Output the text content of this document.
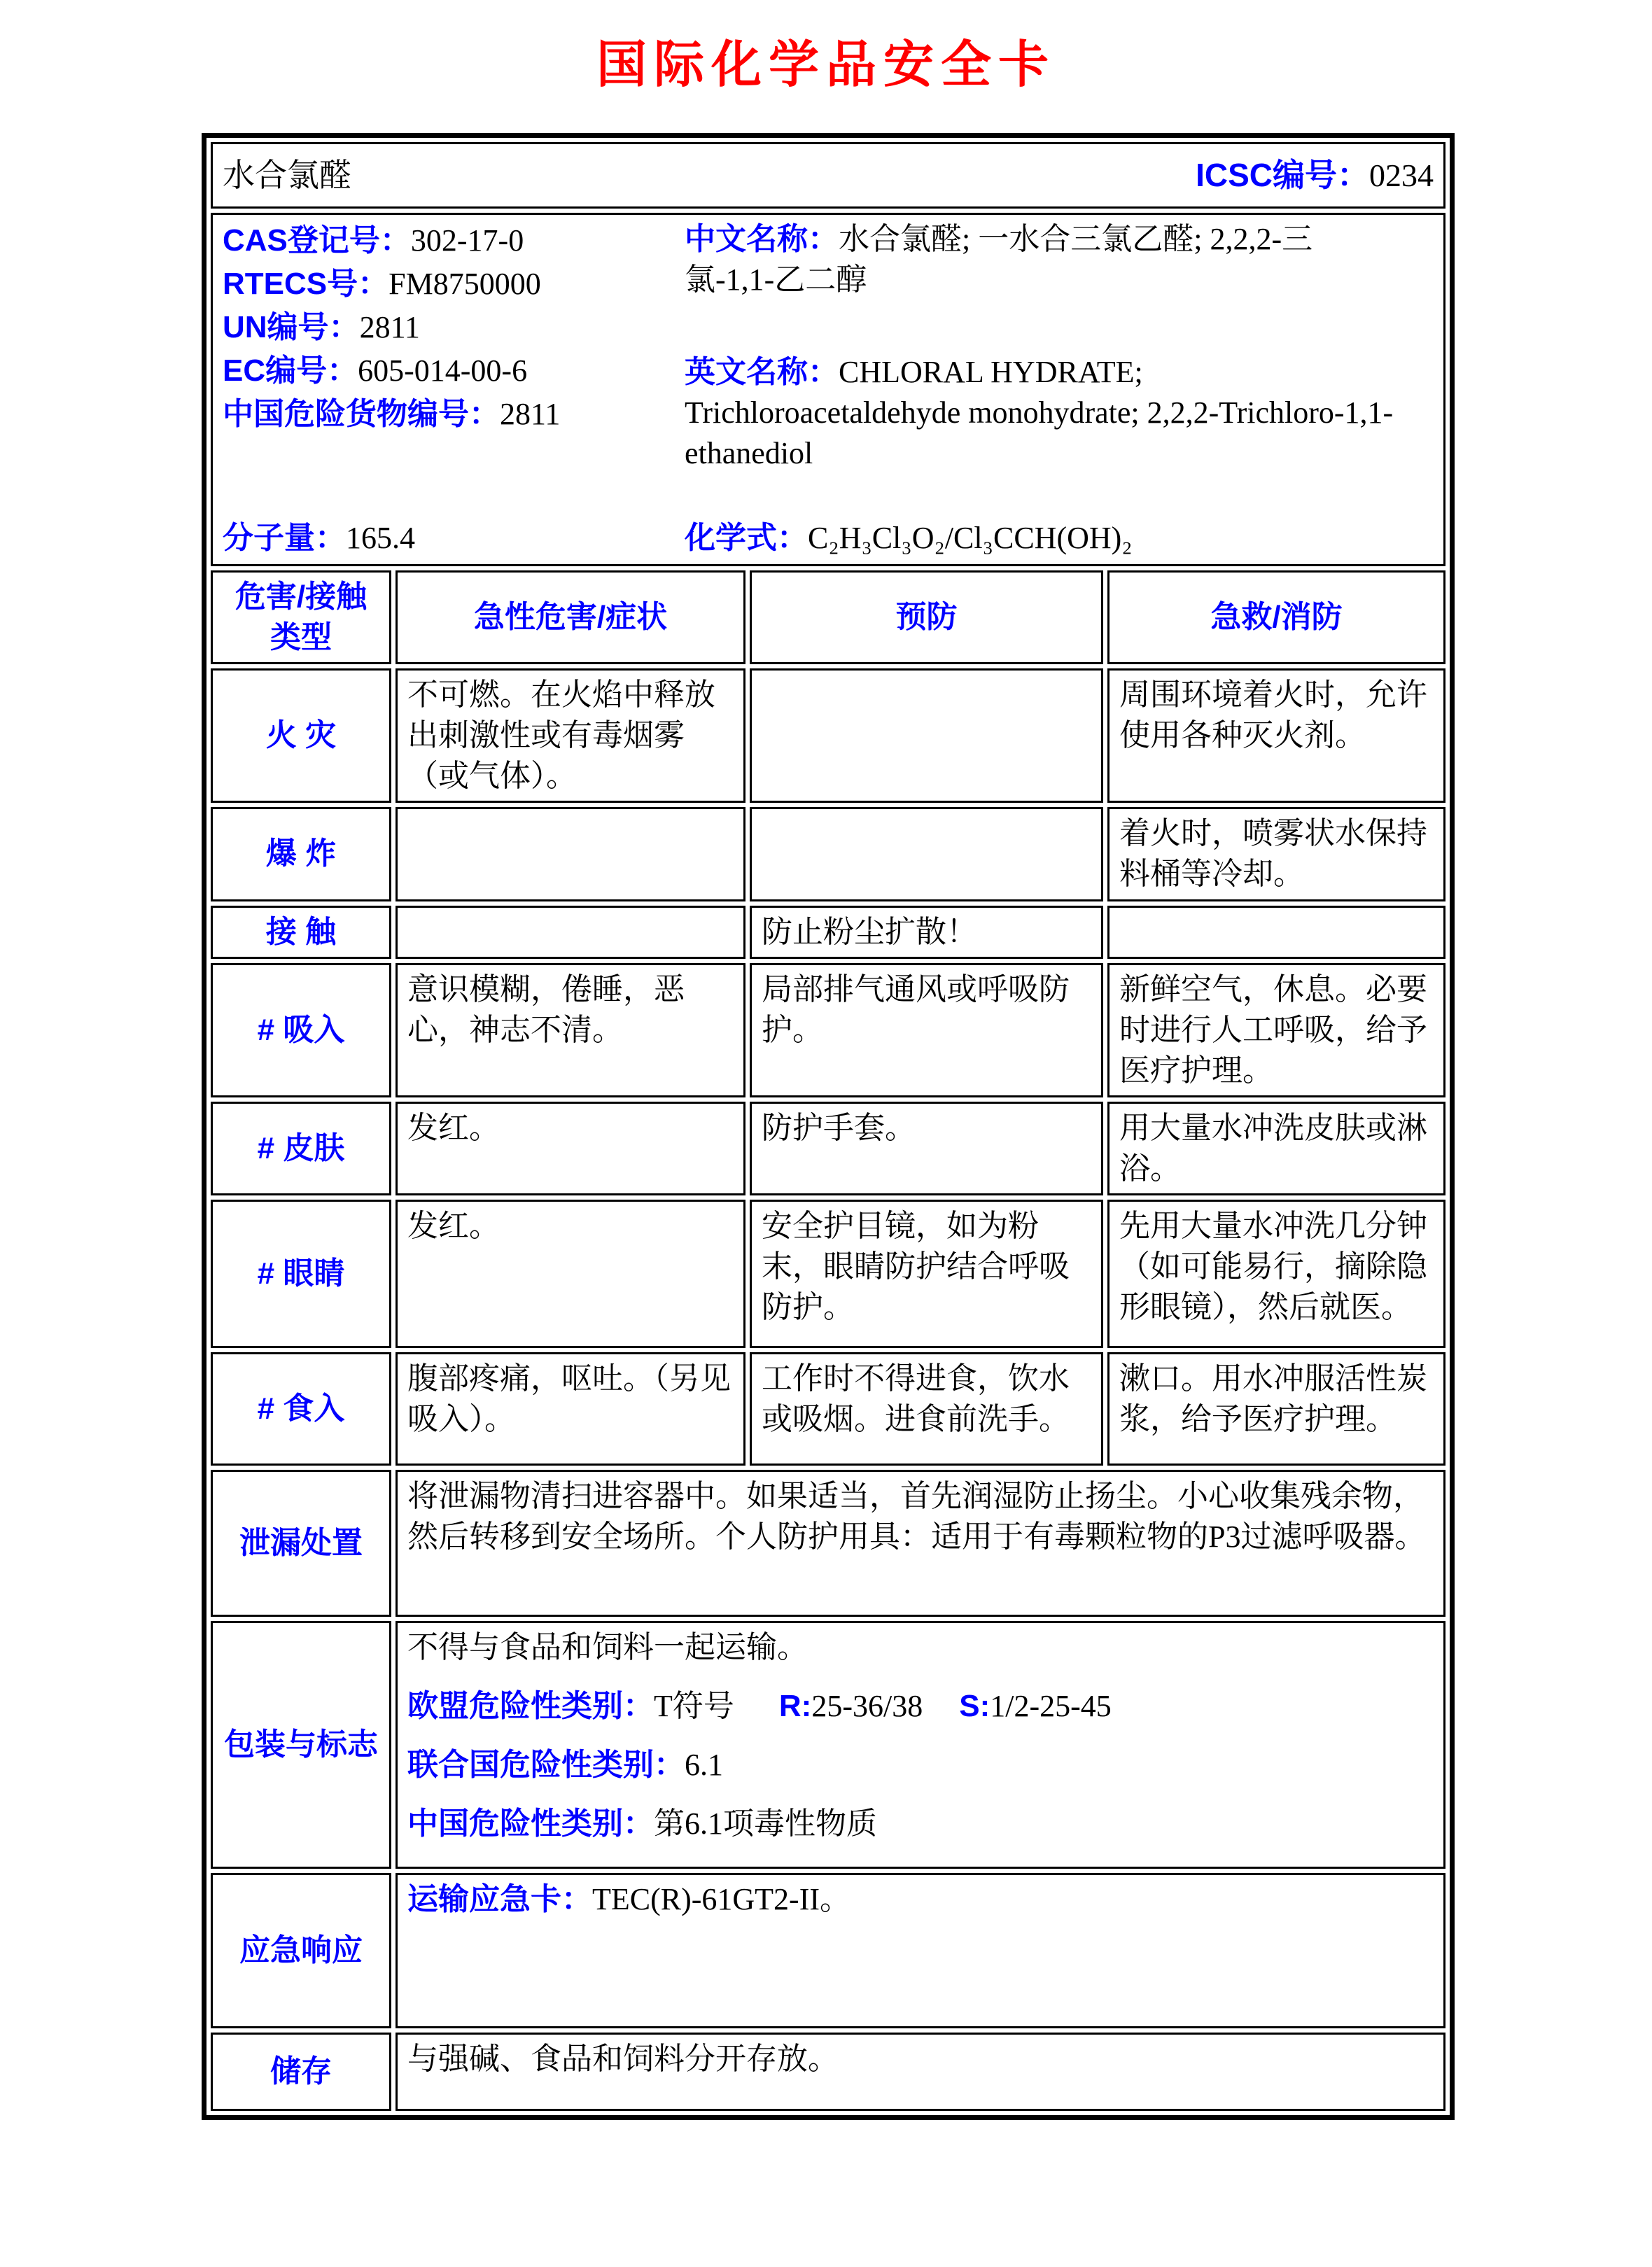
国际化学品安全卡
水合氯醛 ICSC编号：0234			

CAS登记号：302-17-0
RTECS号：FM8750000
UN编号：2811
EC编号：605-014-00-6
中国危险货物编号：2811
分子量：165.4

中文名称：水合氯醛; 一水合三氯乙醛; 2,2,2-三氯-1,1-乙二醇

英文名称：CHLORAL HYDRATE; Trichloroacetaldehyde monohydrate; 2,2,2-Trichloro-1,1-ethanediol

化学式：C₂H₃Cl₃O₂/Cl₃CCH(OH)₂

危害/接触类型	急性危害/症状	预防	急救/消防
火 灾	不可燃。在火焰中释放出刺激性或有毒烟雾（或气体）。		周围环境着火时，允许使用各种灭火剂。
爆 炸			着火时，喷雾状水保持料桶等冷却。
接 触		防止粉尘扩散！	
# 吸入	意识模糊，倦睡，恶心，神志不清。	局部排气通风或呼吸防护。	新鲜空气，休息。必要时进行人工呼吸，给予医疗护理。
# 皮肤	发红。	防护手套。	用大量水冲洗皮肤或淋浴。
# 眼睛	发红。	安全护目镜，如为粉末，眼睛防护结合呼吸防护。	先用大量水冲洗几分钟（如可能易行，摘除隐形眼镜），然后就医。
# 食入	腹部疼痛，呕吐。（另见吸入）。	工作时不得进食，饮水或吸烟。进食前洗手。	漱口。用水冲服活性炭浆，给予医疗护理。
泄漏处置	将泄漏物清扫进容器中。如果适当，首先润湿防止扬尘。小心收集残余物，然后转移到安全场所。个人防护用具：适用于有毒颗粒物的P3过滤呼吸器。		
包装与标志	不得与食品和饲料一起运输。

欧盟危险性类别：T符号 R:25-36/38 S:1/2-25-45

联合国危险性类别：6.1

中国危险性类别：第6.1项毒性物质		

应急响应	运输应急卡：TEC(R)-61GT2-II。		
储存	与强碱、食品和饲料分开存放。		
